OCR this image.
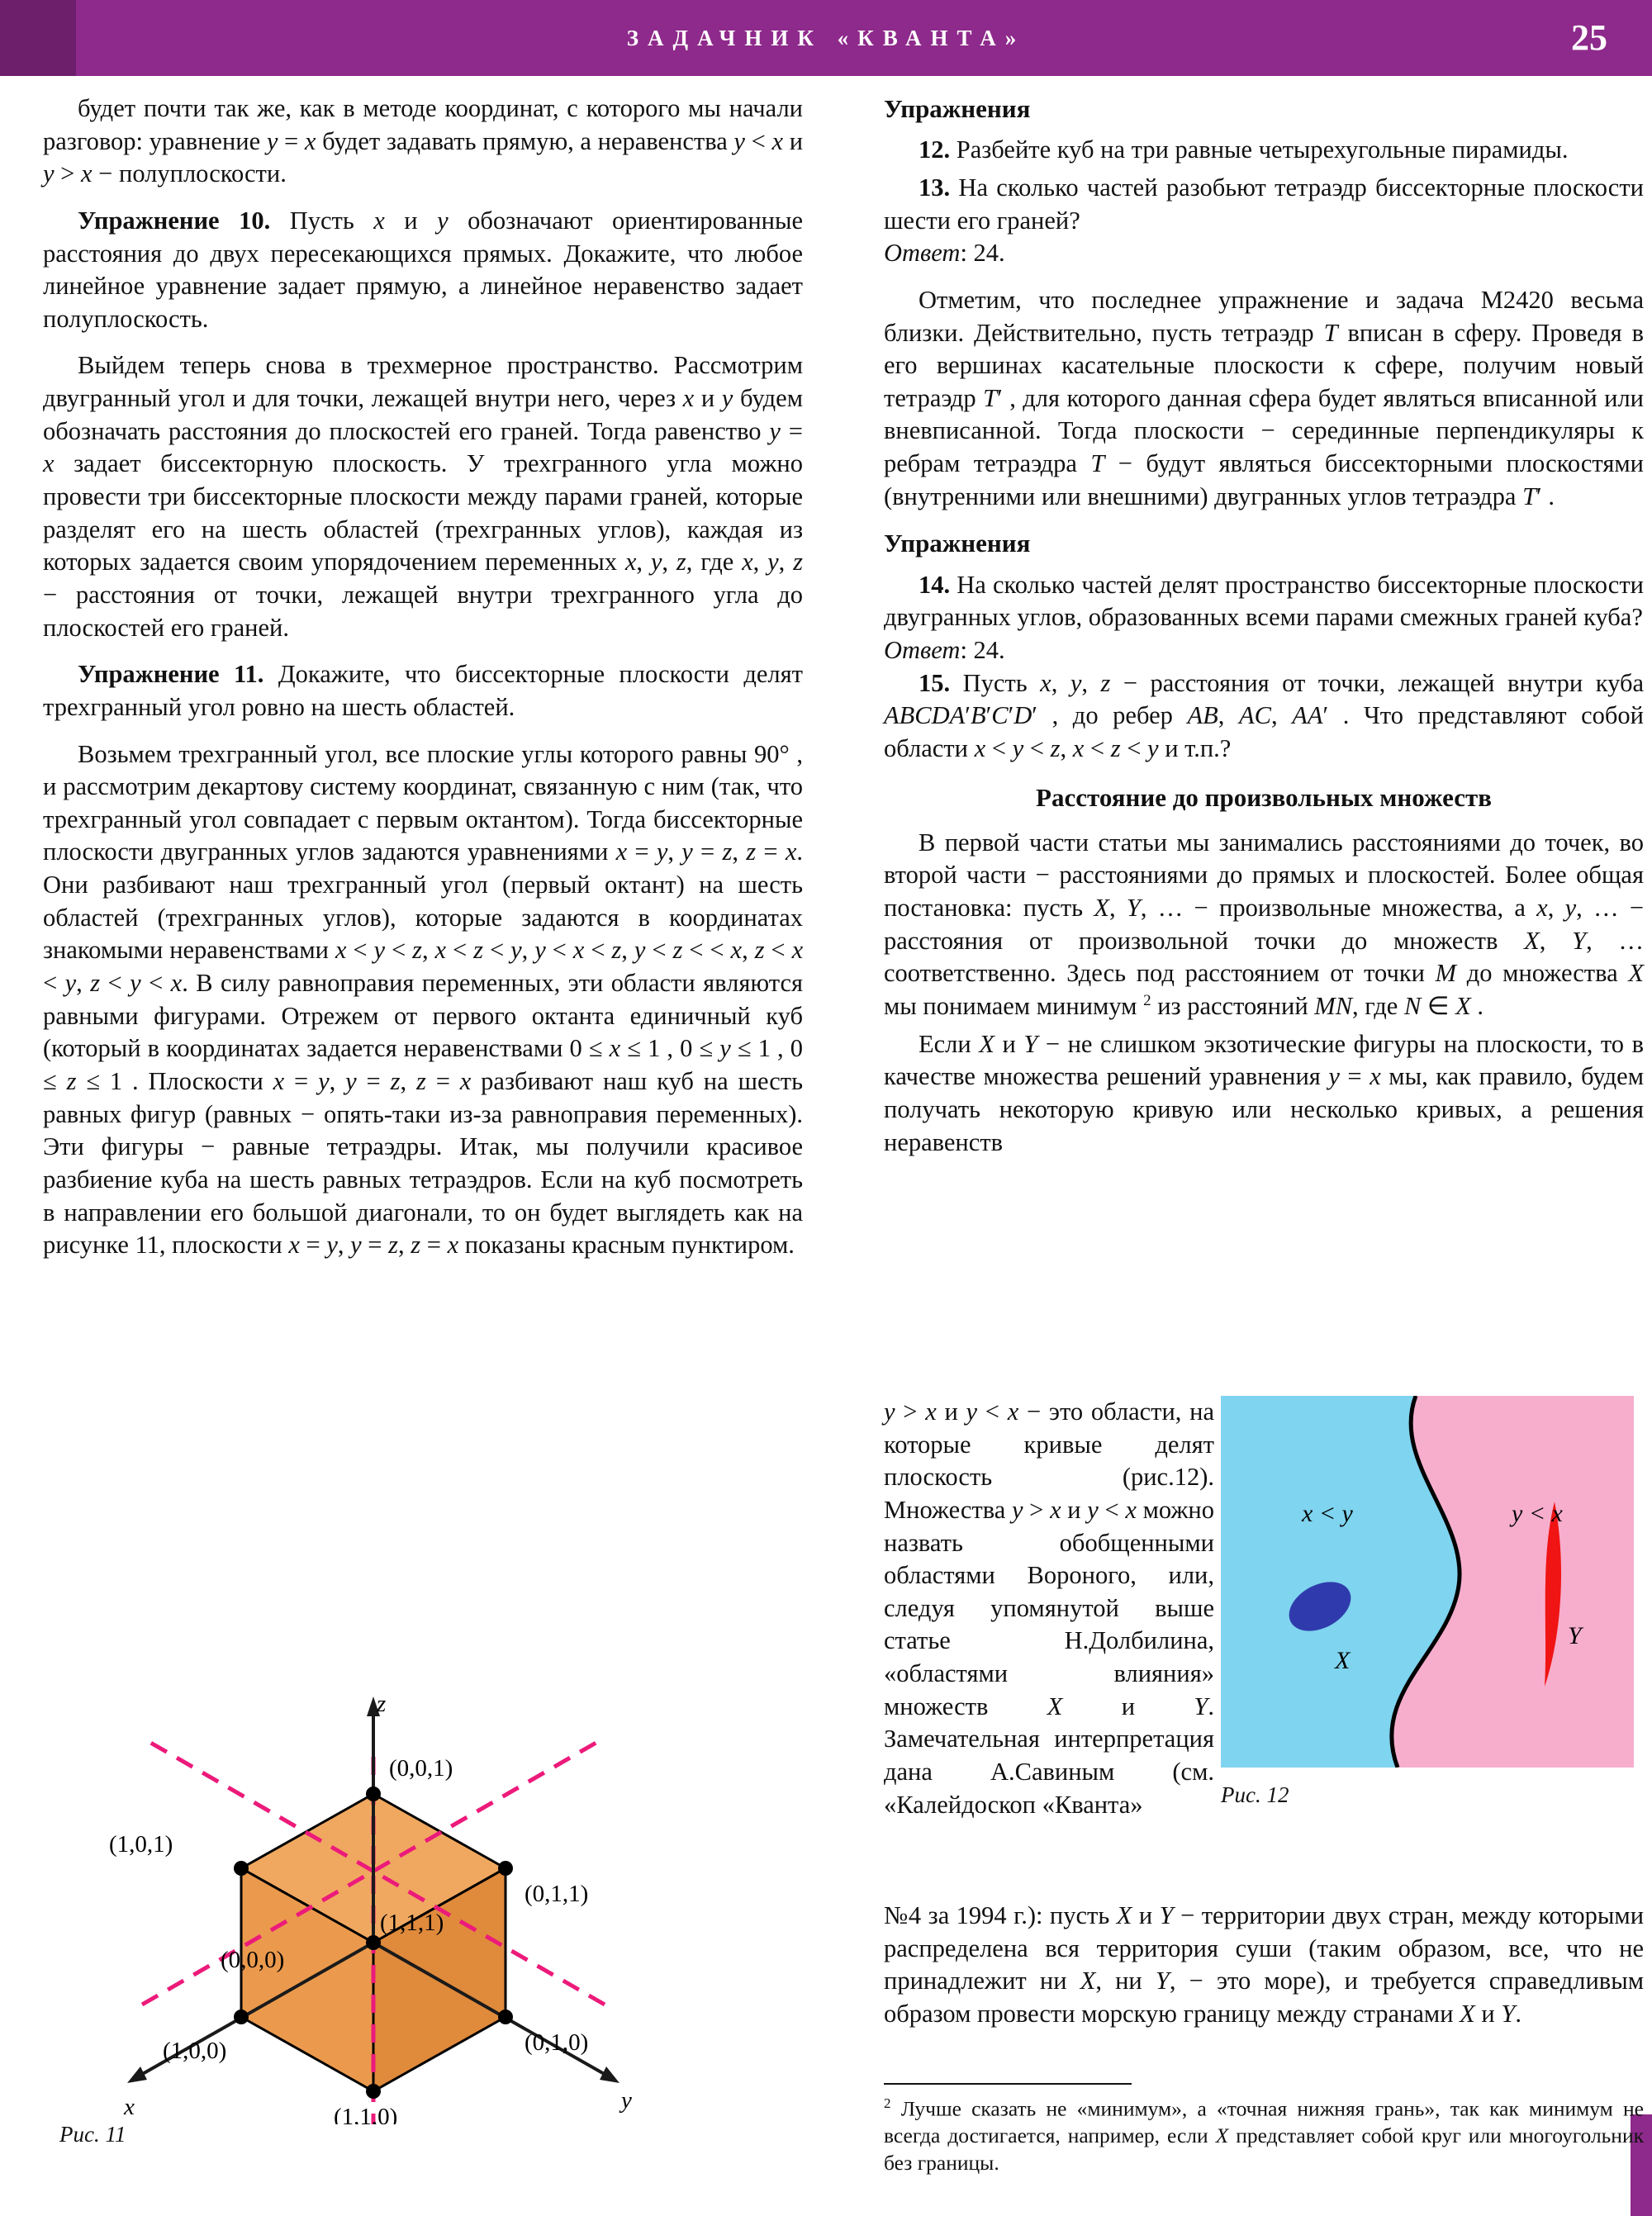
ЗАДАЧНИК «КВАНТА»	25

будет почти так же, как в методе координат, с которого мы начали разговор: уравнение y = x будет задавать прямую, а неравенства y < x и y > x − полуплоскости.

Упражнение 10. Пусть x и y обозначают ориентированные расстояния до двух пересекающихся прямых. Докажите, что любое линейное уравнение задает прямую, а линейное неравенство задает полуплоскость.

Выйдем теперь снова в трехмерное пространство. Рассмотрим двугранный угол и для точки, лежащей внутри него, через x и y будем обозначать расстояния до плоскостей его граней. Тогда равенство y = x задает биссекторную плоскость. У трехгранного угла можно провести три биссекторные плоскости между парами граней, которые разделят его на шесть областей (трехгранных углов), каждая из которых задается своим упорядочением переменных x, y, z, где x, y, z − расстояния от точки, лежащей внутри трехгранного угла до плоскостей его граней.

Упражнение 11. Докажите, что биссекторные плоскости делят трехгранный угол ровно на шесть областей.

Возьмем трехгранный угол, все плоские углы которого равны 90° , и рассмотрим декартову систему координат, связанную с ним (так, что трехгранный угол совпадает с первым октантом). Тогда биссекторные плоскости двугранных углов задаются уравнениями x = y, y = z, z = x. Они разбивают наш трехгранный угол (первый октант) на шесть областей (трехгранных углов), которые задаются в координатах знакомыми неравенствами x < y < z, x < z < y, y < x < z, y < z < < x, z < x < y, z < y < x. В силу равноправия переменных, эти области являются равными фигурами. Отрежем от первого октанта единичный куб (который в координатах задается неравенствами 0 ≤ x ≤ 1 , 0 ≤ y ≤ 1 , 0 ≤ z ≤ 1 . Плоскости x = y, y = z, z = x разбивают наш куб на шесть равных фигур (равных − опять-таки из-за равноправия переменных). Эти фигуры − равные тетраэдры. Итак, мы получили красивое разбиение куба на шесть равных тетраэдров. Если на куб посмотреть в направлении его большой диагонали, то он будет выглядеть как на рисунке 11, плоскости x = y, y = z, z = x показаны красным пунктиром.

(0,0,1)
(1,0,1)
(0,1,1)
(1,1,1)
(0,0,0)
(0,1,0)
(1,0,0)
(1,1,0)
z
y
x
Рис. 11
Упражнения

12. Разбейте куб на три равные четырехугольные пирамиды.

13. На сколько частей разобьют тетраэдр биссекторные плоскости шести его граней?

Ответ: 24.

Отметим, что последнее упражнение и задача М2420 весьма близки. Действительно, пусть тетраэдр T вписан в сферу. Проведя в его вершинах касательные плоскости к сфере, получим новый тетраэдр T′ , для которого данная сфера будет являться вписанной или вневписанной. Тогда плоскости − серединные перпендикуляры к ребрам тетраэдра T − будут являться биссекторными плоскостями (внутренними или внешними) двугранных углов тетраэдра T′ .

Упражнения

14. На сколько частей делят пространство биссекторные плоскости двугранных углов, образованных всеми парами смежных граней куба?

Ответ: 24.

15. Пусть x, y, z − расстояния от точки, лежащей внутри куба ABCDA′B′C′D′ , до ребер AB, AC, AA′ . Что представляют собой области x < y < z, x < z < y и т.п.?

Расстояние до произвольных множеств

В первой части статьи мы занимались расстояниями до точек, во второй части − расстояниями до прямых и плоскостей. Более общая постановка: пусть X, Y, … − произвольные множества, а x, y, … − расстояния от произвольной точки до множеств X, Y, … соответственно. Здесь под расстоянием от точки M до множества X мы понимаем минимум $^2$ из расстояний MN, где N ∈ X .

Если X и Y − не слишком экзотические фигуры на плоскости, то в качестве множества решений уравнения y = x мы, как правило, будем получать некоторую кривую или несколько кривых, а решения неравенств

y > x и y < x − это области, на которые кривые делят плоскость (рис.12). Множества y > x и y < x можно назвать обобщенными областями Вороного, или, следуя упомянутой выше статье Н.Долбилина, «областями влияния» множеств X и Y. Замечательная интерпретация дана А.Савиным (см. «Калейдоскоп «Кванта»

x < y	y < x
X
Y
Рис. 12

№4 за 1994 г.): пусть X и Y − территории двух стран, между которыми распределена вся территория суши (таким образом, все, что не принадлежит ни X, ни Y, − это море), и требуется справедливым образом провести морскую границу между странами X и Y.

$^2$ Лучше сказать не «минимум», а «точная нижняя грань», так как минимум не всегда достигается, например, если X представляет собой круг или многоугольник без границы.
